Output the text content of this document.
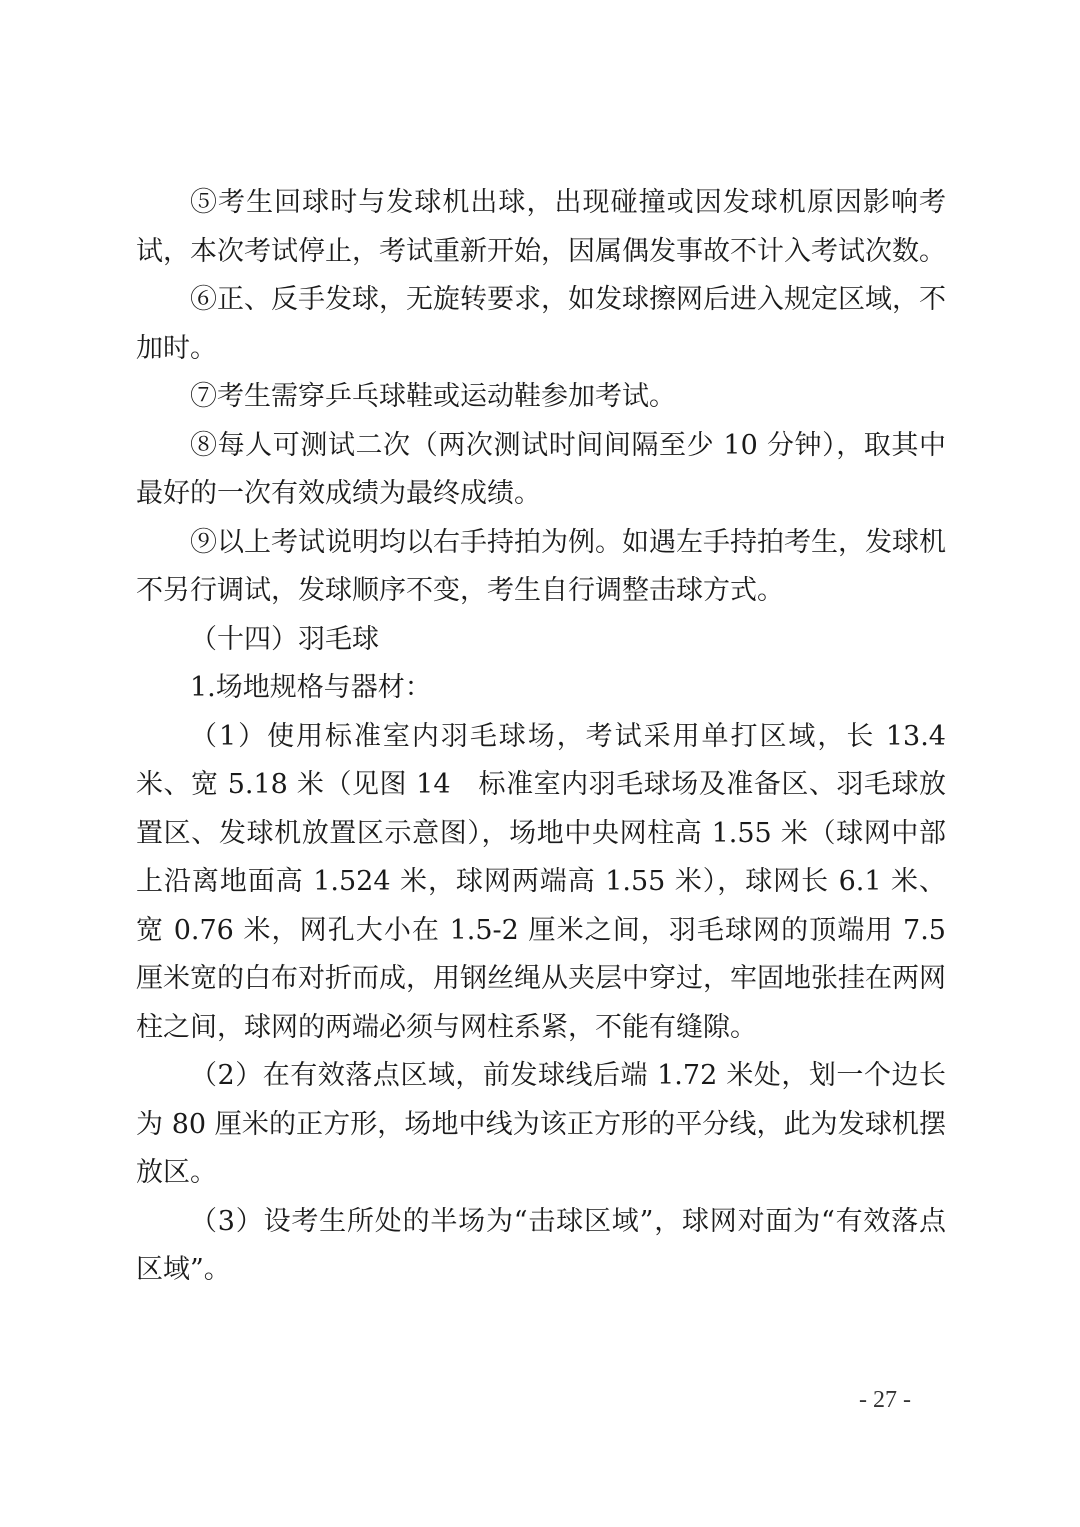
⑤考生回球时与发球机出球，出现碰撞或因发球机原因影响考试，本次考试停止，考试重新开始，因属偶发事故不计入考试次数。

⑥正、反手发球，无旋转要求，如发球擦网后进入规定区域，不加时。

⑦考生需穿乒乓球鞋或运动鞋参加考试。

⑧每人可测试二次（两次测试时间间隔至少 10 分钟），取其中最好的一次有效成绩为最终成绩。

⑨以上考试说明均以右手持拍为例。如遇左手持拍考生，发球机不另行调试，发球顺序不变，考生自行调整击球方式。

（十四）羽毛球

1.场地规格与器材：

（1）使用标准室内羽毛球场，考试采用单打区域，长 13.4 米、宽 5.18 米（见图 14　标准室内羽毛球场及准备区、羽毛球放置区、发球机放置区示意图），场地中央网柱高 1.55 米（球网中部上沿离地面高 1.524 米，球网两端高 1.55 米），球网长 6.1 米、宽 0.76 米，网孔大小在 1.5-2 厘米之间，羽毛球网的顶端用 7.5 厘米宽的白布对折而成，用钢丝绳从夹层中穿过，牢固地张挂在两网柱之间，球网的两端必须与网柱系紧，不能有缝隙。

（2）在有效落点区域，前发球线后端 1.72 米处，划一个边长为 80 厘米的正方形，场地中线为该正方形的平分线，此为发球机摆放区。

（3）设考生所处的半场为“击球区域”，球网对面为“有效落点区域”。

- 27 -
